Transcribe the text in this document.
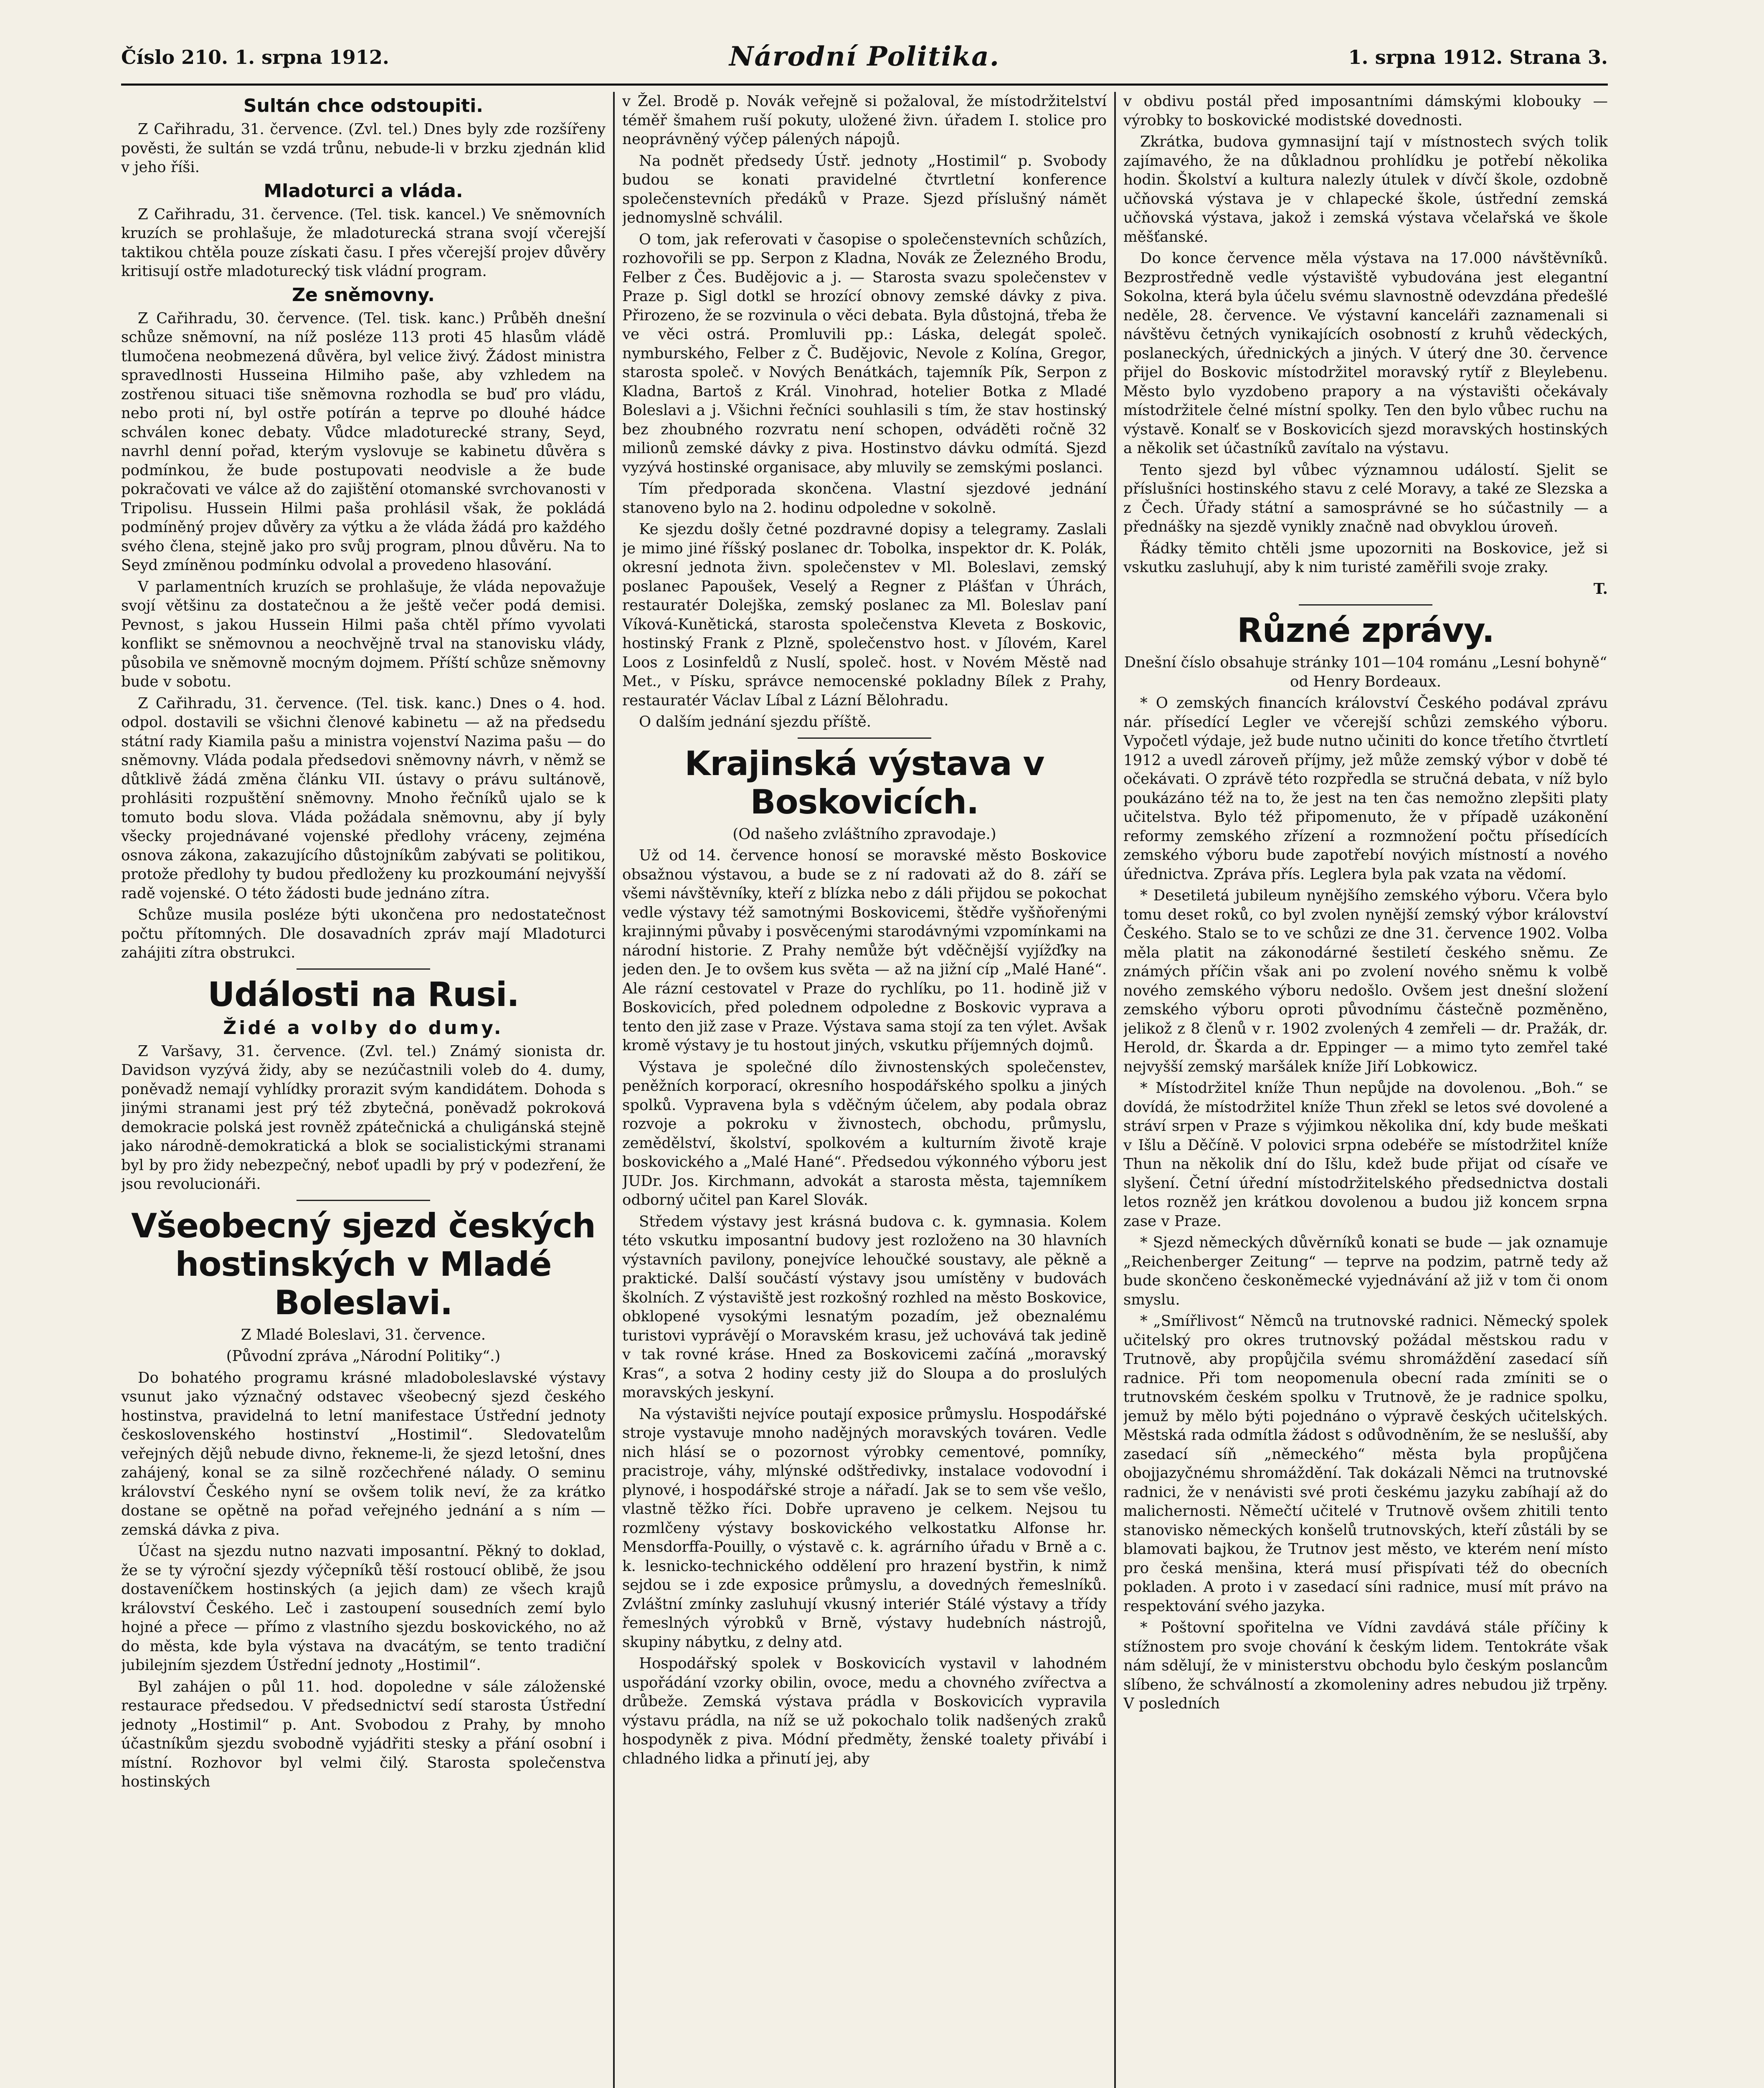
Číslo 210. 1. srpna 1912.	Národní Politika.	1. srpna 1912. Strana 3.
Sultán chce odstoupiti.

Z Cařihradu, 31. července. (Zvl. tel.) Dnes byly zde rozšířeny pověsti, že sultán se vzdá trůnu, nebude-li v brzku zjednán klid v jeho říši.

Mladoturci a vláda.

Z Cařihradu, 31. července. (Tel. tisk. kancel.) Ve sněmovních kruzích se prohlašuje, že mladoturecká strana svojí včerejší taktikou chtěla pouze získati času. I přes včerejší projev důvěry kritisují ostře mladoturecký tisk vládní program.

Ze sněmovny.

Z Cařihradu, 30. července. (Tel. tisk. kanc.) Průběh dnešní schůze sněmovní, na níž posléze 113 proti 45 hlasům vládě tlumočena neobmezená důvěra, byl velice živý. Žádost ministra spravedlnosti Husseina Hilmiho paše, aby vzhledem na zostřenou situaci tiše sněmovna rozhodla se buď pro vládu, nebo proti ní, byl ostře potírán a teprve po dlouhé hádce schválen konec debaty. Vůdce mladoturecké strany, Seyd, navrhl denní pořad, kterým vyslovuje se kabinetu důvěra s podmínkou, že bude postupovati neodvisle a že bude pokračovati ve válce až do zajištění otomanské svrchovanosti v Tripolisu. Hussein Hilmi paša prohlásil však, že pokládá podmíněný projev důvěry za výtku a že vláda žádá pro každého svého člena, stejně jako pro svůj program, plnou důvěru. Na to Seyd zmíněnou podmínku odvolal a provedeno hlasování.

V parlamentních kruzích se prohlašuje, že vláda nepovažuje svojí většinu za dostatečnou a že ještě večer podá demisi. Pevnost, s jakou Hussein Hilmi paša chtěl přímo vyvolati konflikt se sněmovnou a neochvějně trval na stanovisku vlády, působila ve sněmovně mocným dojmem. Příští schůze sněmovny bude v sobotu.

Z Cařihradu, 31. července. (Tel. tisk. kanc.) Dnes o 4. hod. odpol. dostavili se všichni členové kabinetu — až na předsedu státní rady Kiamila pašu a ministra vojenství Nazima pašu — do sněmovny. Vláda podala předsedovi sněmovny návrh, v němž se důtklivě žádá změna článku VII. ústavy o právu sultánově, prohlásiti rozpuštění sněmovny. Mnoho řečníků ujalo se k tomuto bodu slova. Vláda požádala sněmovnu, aby jí byly všecky projednávané vojenské předlohy vráceny, zejména osnova zákona, zakazujícího důstojníkům zabývati se politikou, protože předlohy ty budou předloženy ku prozkoumání nejvyšší radě vojenské. O této žádosti bude jednáno zítra.

Schůze musila posléze býti ukončena pro nedostatečnost počtu přítomných. Dle dosavadních zpráv mají Mladoturci zahájiti zítra obstrukci.

Události na Rusi.
Židé a volby do dumy.

Z Varšavy, 31. července. (Zvl. tel.) Známý sionista dr. Davidson vyzývá židy, aby se nezúčastnili voleb do 4. dumy, poněvadž nemají vyhlídky prorazit svým kandidátem. Dohoda s jinými stranami jest prý též zbytečná, poněvadž pokroková demokracie polská jest rovněž zpátečnická a chuligánská stejně jako národně-demokratická a blok se socialistickými stranami byl by pro židy nebezpečný, neboť upadli by prý v podezření, že jsou revolucionáři.

Všeobecný sjezd českých hostinských v Mladé Boleslavi.

Z Mladé Boleslavi, 31. července.

(Původní zpráva „Národní Politiky“.)

Do bohatého programu krásné mladoboleslavské výstavy vsunut jako význačný odstavec všeobecný sjezd českého hostinstva, pravidelná to letní manifestace Ústřední jednoty československého hostinství „Hostimil“. Sledovatelům veřejných dějů nebude divno, řekneme-li, že sjezd letošní, dnes zahájený, konal se za silně rozčechřené nálady. O seminu království Českého nyní se ovšem tolik neví, že za krátko dostane se opětně na pořad veřejného jednání a s ním — zemská dávka z piva.

Účast na sjezdu nutno nazvati imposantní. Pěkný to doklad, že se ty výroční sjezdy výčepníků těší rostoucí oblibě, že jsou dostaveníčkem hostinských (a jejich dam) ze všech krajů království Českého. Leč i zastoupení sousedních zemí bylo hojné a přece — přímo z vlastního sjezdu boskovického, no až do města, kde byla výstava na dvacátým, se tento tradiční jubilejním sjezdem Ústřední jednoty „Hostimil“.

Byl zahájen o půl 11. hod. dopoledne v sále záloženské restaurace předsedou. V předsednictví sedí starosta Ústřední jednoty „Hostimil“ p. Ant. Svobodou z Prahy, by mnoho účastníkům sjezdu svobodně vyjádřiti stesky a přání osobní i místní. Rozhovor byl velmi čilý. Starosta společenstva hostinských

v Žel. Brodě p. Novák veřejně si požaloval, že místodržitelství téměř šmahem ruší pokuty, uložené živn. úřadem I. stolice pro neoprávněný výčep pálených nápojů.

Na podnět předsedy Ústř. jednoty „Hostimil“ p. Svobody budou se konati pravidelné čtvrtletní konference společenstevních předáků v Praze. Sjezd příslušný námět jednomyslně schválil.

O tom, jak referovati v časopise o společenstevních schůzích, rozhovořili se pp. Serpon z Kladna, Novák ze Železného Brodu, Felber z Čes. Budějovic a j. — Starosta svazu společenstev v Praze p. Sigl dotkl se hrozící obnovy zemské dávky z piva. Přirozeno, že se rozvinula o věci debata. Byla důstojná, třeba že ve věci ostrá. Promluvili pp.: Láska, delegát společ. nymburského, Felber z Č. Budějovic, Nevole z Kolína, Gregor, starosta společ. v Nových Benátkách, tajemník Pík, Serpon z Kladna, Bartoš z Král. Vinohrad, hotelier Botka z Mladé Boleslavi a j. Všichni řečníci souhlasili s tím, že stav hostinský bez zhoubného rozvratu není schopen, odváděti ročně 32 milionů zemské dávky z piva. Hostinstvo dávku odmítá. Sjezd vyzývá hostinské organisace, aby mluvily se zemskými poslanci.

Tím předporada skončena. Vlastní sjezdové jednání stanoveno bylo na 2. hodinu odpoledne v sokolně.

Ke sjezdu došly četné pozdravné dopisy a telegramy. Zaslali je mimo jiné říšský poslanec dr. Tobolka, inspektor dr. K. Polák, okresní jednota živn. společenstev v Ml. Boleslavi, zemský poslanec Papoušek, Veselý a Regner z Plášťan v Úhrách, restauratér Dolejška, zemský poslanec za Ml. Boleslav paní Víková-Kunětická, starosta společenstva Kleveta z Boskovic, hostinský Frank z Plzně, společenstvo host. v Jílovém, Karel Loos z Losinfeldů z Nuslí, společ. host. v Novém Městě nad Met., v Písku, správce nemocenské pokladny Bílek z Prahy, restauratér Václav Líbal z Lázní Bělohradu.

O dalším jednání sjezdu příště.

Krajinská výstava v Boskovicích.

(Od našeho zvláštního zpravodaje.)

Už od 14. července honosí se moravské město Boskovice obsažnou výstavou, a bude se z ní radovati až do 8. září se všemi návštěvníky, kteří z blízka nebo z dáli přijdou se pokochat vedle výstavy též samotnými Boskovicemi, štědře vyšňořenými krajinnými půvaby i posvěcenými starodávnými vzpomínkami na národní historie. Z Prahy nemůže být vděčnější vyjížďky na jeden den. Je to ovšem kus světa — až na jižní cíp „Malé Hané“. Ale rázní cestovatel v Praze do rychlíku, po 11. hodině již v Boskovicích, před polednem odpoledne z Boskovic vyprava a tento den již zase v Praze. Výstava sama stojí za ten výlet. Avšak kromě výstavy je tu hostout jiných, vskutku příjemných dojmů.

Výstava je společné dílo živnostenských společenstev, peněžních korporací, okresního hospodářského spolku a jiných spolků. Vypravena byla s vděčným účelem, aby podala obraz rozvoje a pokroku v živnostech, obchodu, průmyslu, zemědělství, školství, spolkovém a kulturním životě kraje boskovického a „Malé Hané“. Předsedou výkonného výboru jest JUDr. Jos. Kirchmann, advokát a starosta města, tajemníkem odborný učitel pan Karel Slovák.

Středem výstavy jest krásná budova c. k. gymnasia. Kolem této vskutku imposantní budovy jest rozloženo na 30 hlavních výstavních pavilony, ponejvíce lehoučké soustavy, ale pěkně a praktické. Další součástí výstavy jsou umístěny v budovách školních. Z výstaviště jest rozkošný rozhled na město Boskovice, obklopené vysokými lesnatým pozadím, jež obeznalému turistovi vyprávějí o Moravském krasu, jež uchovává tak jedině v tak rovné kráse. Hned za Boskovicemi začíná „moravský Kras“, a sotva 2 hodiny cesty již do Sloupa a do proslulých moravských jeskyní.

Na výstavišti nejvíce poutají exposice průmyslu. Hospodářské stroje vystavuje mnoho nadějných moravských továren. Vedle nich hlásí se o pozornost výrobky cementové, pomníky, pracistroje, váhy, mlýnské odštředivky, instalace vodovodní i plynové, i hospodářské stroje a nářadí. Jak se to sem vše vešlo, vlastně těžko říci. Dobře upraveno je celkem. Nejsou tu rozmlčeny výstavy boskovického velkostatku Alfonse hr. Mensdorffa-Pouilly, o výstavě c. k. agrárního úřadu v Brně a c. k. lesnicko-technického oddělení pro hrazení bystřin, k nimž sejdou se i zde exposice průmyslu, a dovedných řemeslníků. Zvláštní zmínky zasluhují vkusný interiér Stálé výstavy a třídy řemeslných výrobků v Brně, výstavy hudebních nástrojů, skupiny nábytku, z delny atd.

Hospodářský spolek v Boskovicích vystavil v lahodném uspořádání vzorky obilin, ovoce, medu a chovného zvířectva a drůbeže. Zemská výstava prádla v Boskovicích vypravila výstavu prádla, na níž se už pokochalo tolik nadšených zraků hospodyněk z piva. Módní předměty, ženské toalety přivábí i chladného lidka a přinutí jej, aby

v obdivu postál před imposantními dámskými klobouky — výrobky to boskovické modistské dovednosti.

Zkrátka, budova gymnasijní tají v místnostech svých tolik zajímavého, že na důkladnou prohlídku je potřebí několika hodin. Školství a kultura nalezly útulek v dívčí škole, ozdobně učňovská výstava je v chlapecké škole, ústřední zemská učňovská výstava, jakož i zemská výstava včelařská ve škole měšťanské.

Do konce července měla výstava na 17.000 návštěvníků. Bezprostředně vedle výstaviště vybudována jest elegantní Sokolna, která byla účelu svému slavnostně odevzdána předešlé neděle, 28. července. Ve výstavní kanceláři zaznamenali si návštěvu četných vynikajících osobností z kruhů vědeckých, poslaneckých, úřednických a jiných. V úterý dne 30. července přijel do Boskovic místodržitel moravský rytíř z Bleylebenu. Město bylo vyzdobeno prapory a na výstavišti očekávaly místodržitele čelné místní spolky. Ten den bylo vůbec ruchu na výstavě. Konalť se v Boskovicích sjezd moravských hostinských a několik set účastníků zavítalo na výstavu.

Tento sjezd byl vůbec významnou událostí. Sjelit se příslušníci hostinského stavu z celé Moravy, a také ze Slezska a z Čech. Úřady státní a samosprávné se ho súčastnily — a přednášky na sjezdě vynikly značně nad obvyklou úroveň.

Řádky těmito chtěli jsme upozorniti na Boskovice, jež si vskutku zasluhují, aby k nim turisté zaměřili svoje zraky.

T.

Různé zprávy.

Dnešní číslo obsahuje stránky 101—104 románu „Lesní bohyně“ od Henry Bordeaux.

* O zemských financích království Českého podával zprávu nár. přísedící Legler ve včerejší schůzi zemského výboru. Vypočetl výdaje, jež bude nutno učiniti do konce třetího čtvrtletí 1912 a uvedl zároveň příjmy, jež může zemský výbor v době té očekávati. O zprávě této rozpředla se stručná debata, v níž bylo poukázáno též na to, že jest na ten čas nemožno zlepšiti platy učitelstva. Bylo též připomenuto, že v případě uzákonění reformy zemského zřízení a rozmnožení počtu přísedících zemského výboru bude zapotřebí novýich místností a nového úřednictva. Zpráva přís. Leglera byla pak vzata na vědomí.

* Desetiletá jubileum nynějšího zemského výboru. Včera bylo tomu deset roků, co byl zvolen nynější zemský výbor království Českého. Stalo se to ve schůzi ze dne 31. července 1902. Volba měla platit na zákonodárné šestiletí českého sněmu. Ze známých příčin však ani po zvolení nového sněmu k volbě nového zemského výboru nedošlo. Ovšem jest dnešní složení zemského výboru oproti původnímu částečně pozměněno, jelikož z 8 členů v r. 1902 zvolených 4 zemřeli — dr. Pražák, dr. Herold, dr. Škarda a dr. Eppinger — a mimo tyto zemřel také nejvyšší zemský maršálek kníže Jiří Lobkowicz.

* Místodržitel kníže Thun nepůjde na dovolenou. „Boh.“ se dovídá, že místodržitel kníže Thun zřekl se letos své dovolené a stráví srpen v Praze s výjimkou několika dní, kdy bude meškati v Išlu a Děčíně. V polovici srpna odebéře se místodržitel kníže Thun na několik dní do Išlu, kdež bude přijat od císaře ve slyšení. Četní úřední místodržitelského předsednictva dostali letos rozněž jen krátkou dovolenou a budou již koncem srpna zase v Praze.

* Sjezd německých důvěrníků konati se bude — jak oznamuje „Reichenberger Zeitung“ — teprve na podzim, patrně tedy až bude skončeno českoněmecké vyjednávání až již v tom či onom smyslu.

* „Smířlivost“ Němců na trutnovské radnici. Německý spolek učitelský pro okres trutnovský požádal městskou radu v Trutnově, aby propůjčila svému shromáždění zasedací síň radnice. Při tom neopomenula obecní rada zmíniti se o trutnovském českém spolku v Trutnově, že je radnice spolku, jemuž by mělo býti pojednáno o výpravě českých učitelských. Městská rada odmítla žádost s odůvodněním, že se neslušší, aby zasedací síň „německého“ města byla propůjčena obojjazyčnému shromáždění. Tak dokázali Němci na trutnovské radnici, že v nenávisti své proti českému jazyku zabíhají až do malichernosti. Němečtí učitelé v Trutnově ovšem zhitili tento stanovisko německých konšelů trutnovských, kteří zůstáli by se blamovati bajkou, že Trutnov jest město, ve kterém není místo pro česká menšina, která musí přispívati též do obecních pokladen. A proto i v zasedací síni radnice, musí mít právo na respektování svého jazyka.

* Poštovní spořitelna ve Vídni zavdává stále příčiny k stížnostem pro svoje chování k českým lidem. Tentokráte však nám sdělují, že v ministerstvu obchodu bylo českým poslancům slíbeno, že schválností a zkomoleniny adres nebudou již trpěny. V posledních
